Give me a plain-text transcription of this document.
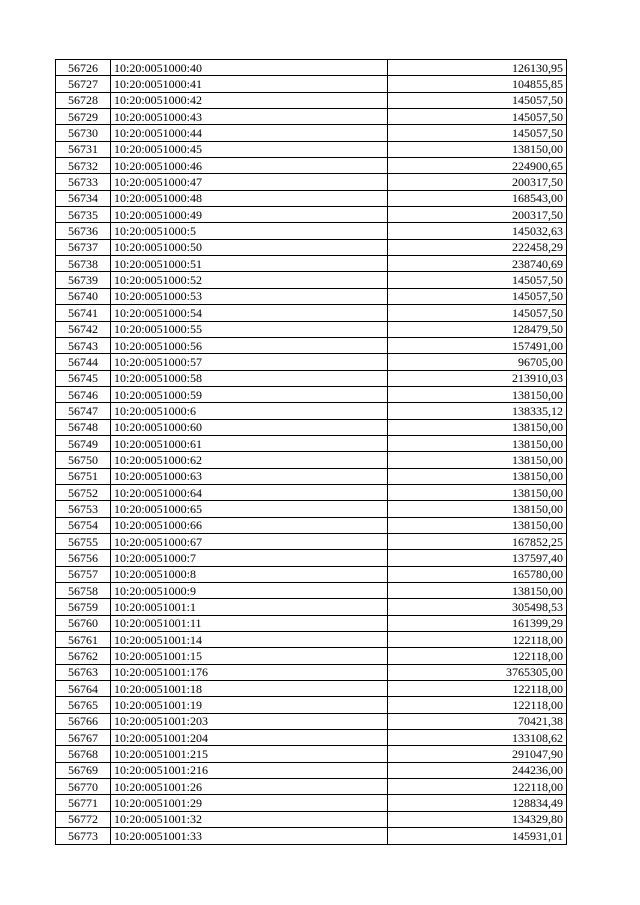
56726	10:20:0051000:40	126130,95
56727	10:20:0051000:41	104855,85
56728	10:20:0051000:42	145057,50
56729	10:20:0051000:43	145057,50
56730	10:20:0051000:44	145057,50
56731	10:20:0051000:45	138150,00
56732	10:20:0051000:46	224900,65
56733	10:20:0051000:47	200317,50
56734	10:20:0051000:48	168543,00
56735	10:20:0051000:49	200317,50
56736	10:20:0051000:5	145032,63
56737	10:20:0051000:50	222458,29
56738	10:20:0051000:51	238740,69
56739	10:20:0051000:52	145057,50
56740	10:20:0051000:53	145057,50
56741	10:20:0051000:54	145057,50
56742	10:20:0051000:55	128479,50
56743	10:20:0051000:56	157491,00
56744	10:20:0051000:57	96705,00
56745	10:20:0051000:58	213910,03
56746	10:20:0051000:59	138150,00
56747	10:20:0051000:6	138335,12
56748	10:20:0051000:60	138150,00
56749	10:20:0051000:61	138150,00
56750	10:20:0051000:62	138150,00
56751	10:20:0051000:63	138150,00
56752	10:20:0051000:64	138150,00
56753	10:20:0051000:65	138150,00
56754	10:20:0051000:66	138150,00
56755	10:20:0051000:67	167852,25
56756	10:20:0051000:7	137597,40
56757	10:20:0051000:8	165780,00
56758	10:20:0051000:9	138150,00
56759	10:20:0051001:1	305498,53
56760	10:20:0051001:11	161399,29
56761	10:20:0051001:14	122118,00
56762	10:20:0051001:15	122118,00
56763	10:20:0051001:176	3765305,00
56764	10:20:0051001:18	122118,00
56765	10:20:0051001:19	122118,00
56766	10:20:0051001:203	70421,38
56767	10:20:0051001:204	133108,62
56768	10:20:0051001:215	291047,90
56769	10:20:0051001:216	244236,00
56770	10:20:0051001:26	122118,00
56771	10:20:0051001:29	128834,49
56772	10:20:0051001:32	134329,80
56773	10:20:0051001:33	145931,01
